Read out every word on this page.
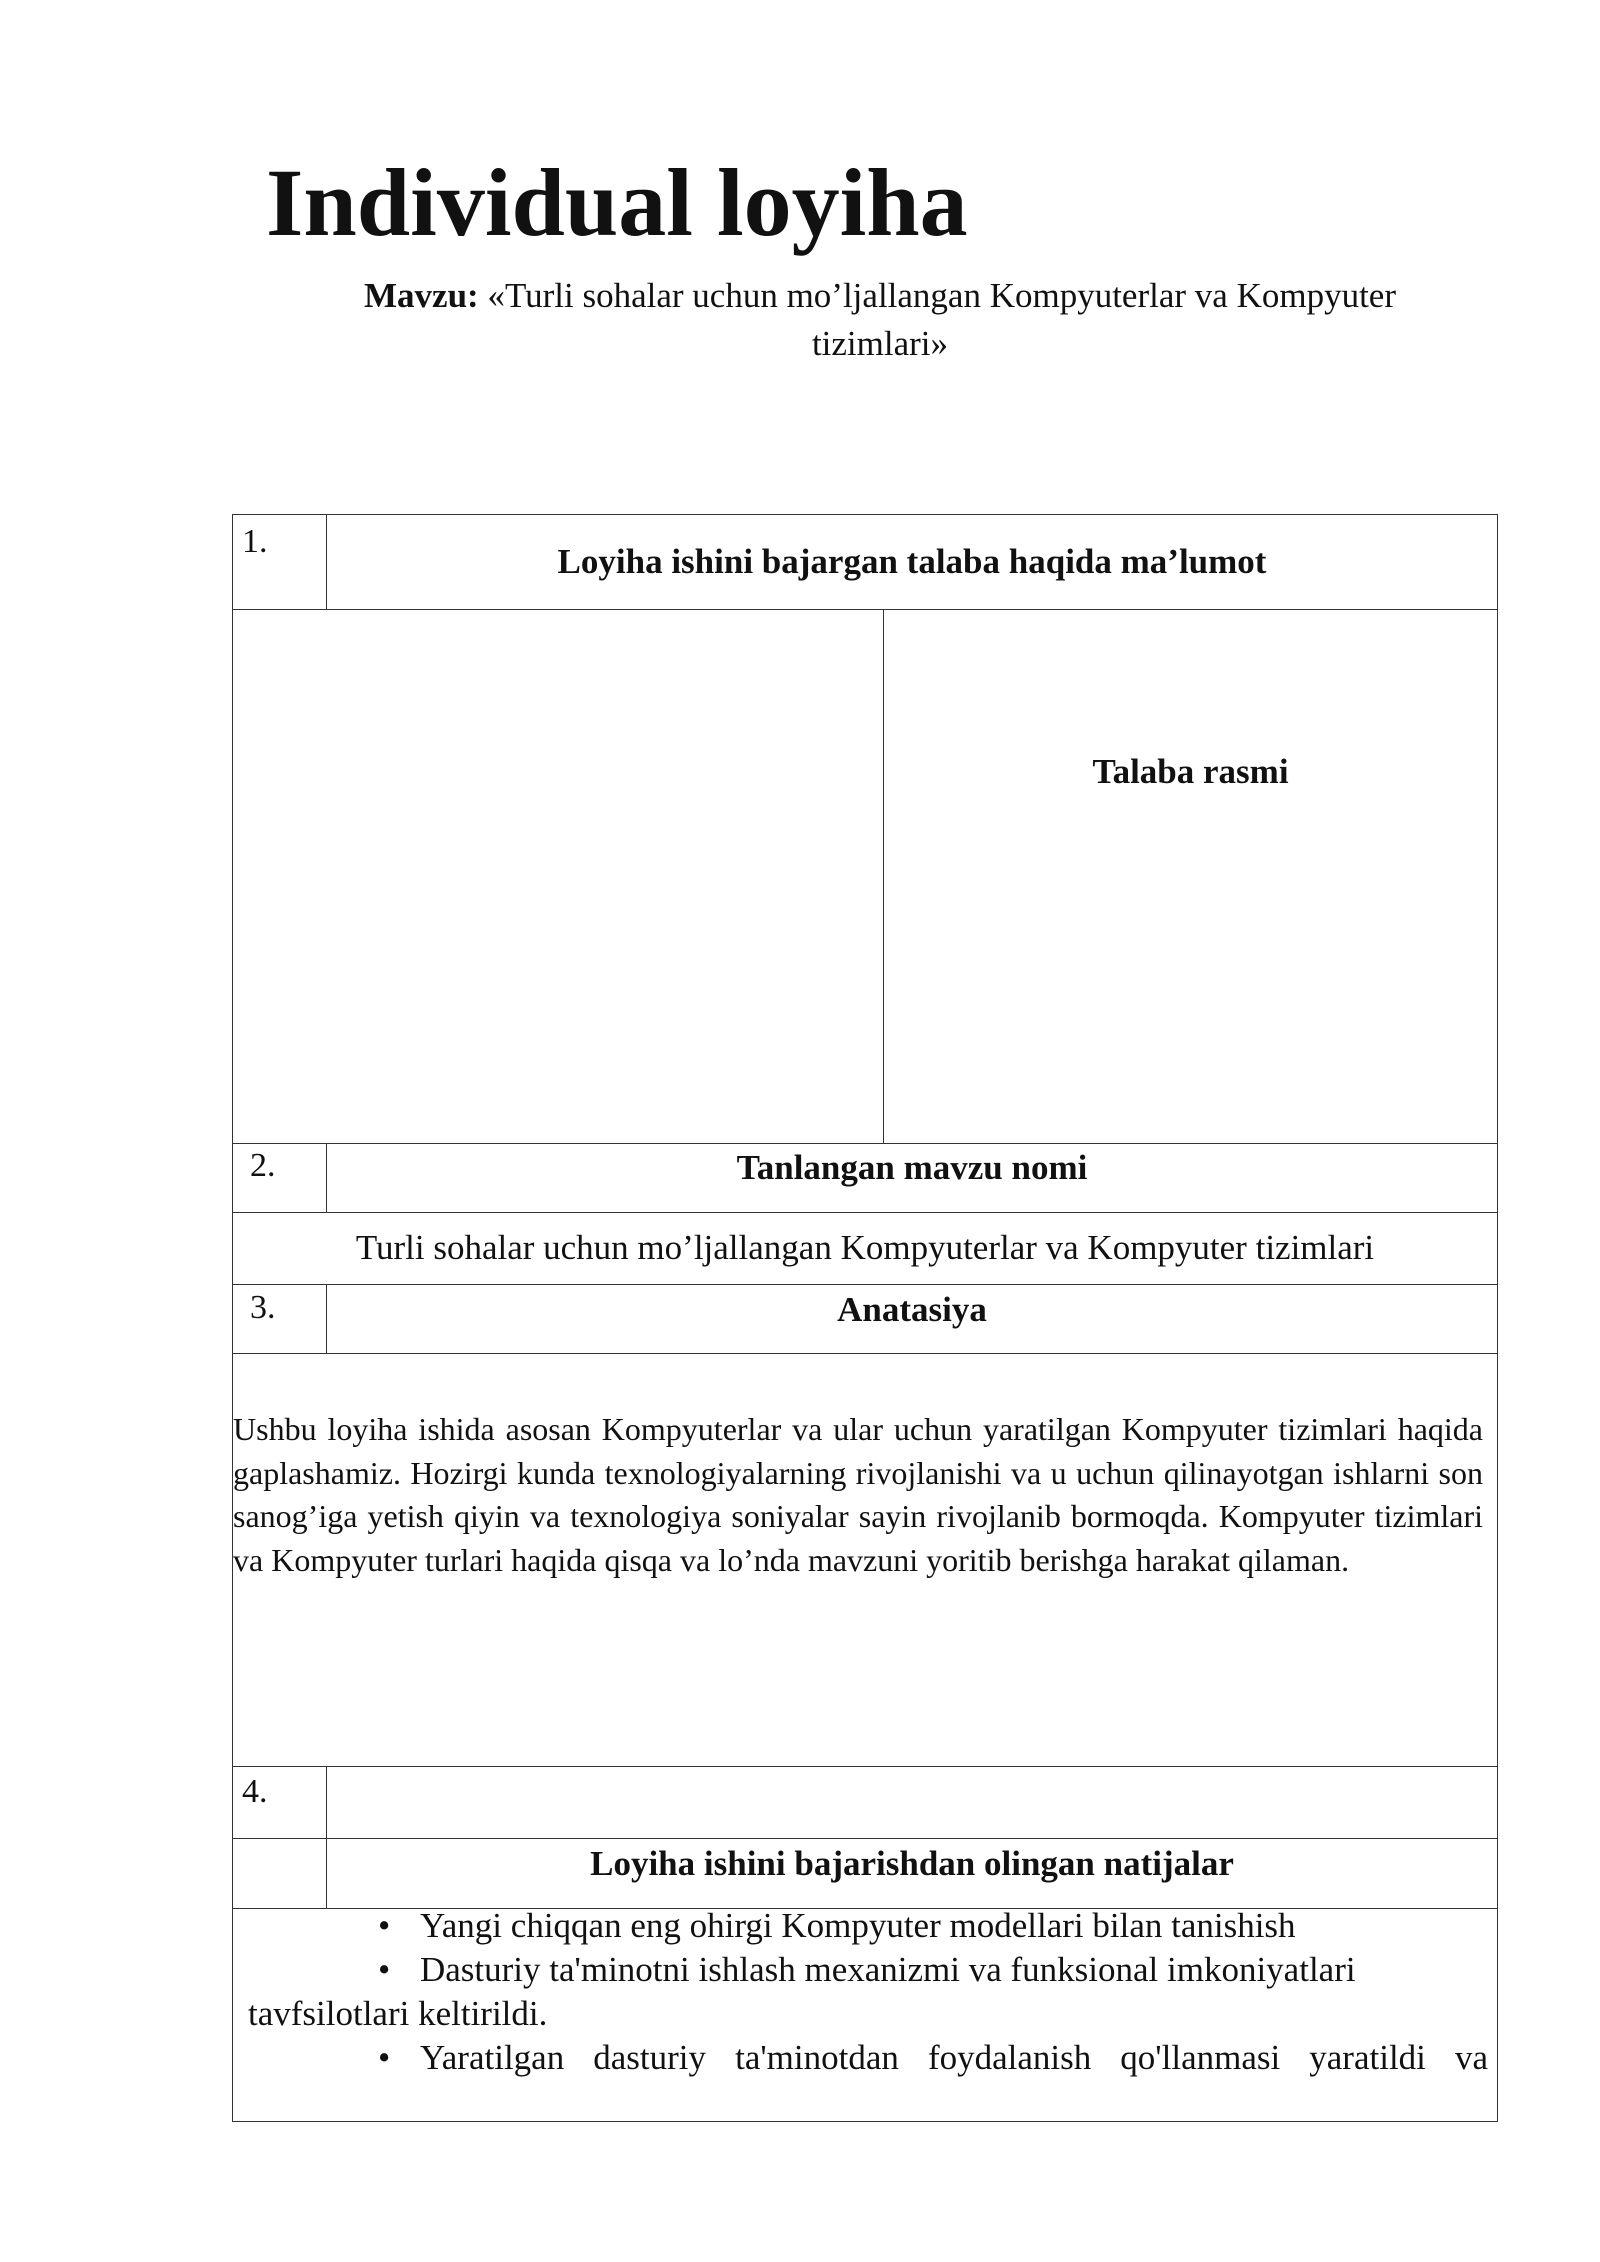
Individual loyiha
Mavzu: «Turli sohalar uchun mo’ljallangan Kompyuterlar va Kompyuter
tizimlari»
1.
Loyiha ishini bajargan talaba haqida ma’lumot
Talaba rasmi
2.	Tanlangan mavzu nomi
Turli sohalar uchun mo’ljallangan Kompyuterlar va Kompyuter tizimlari
3.	Anatasiya

Ushbu loyiha ishida asosan Kompyuterlar va ular uchun yaratilgan Kompyuter tizimlari haqida gaplashamiz. Hozirgi kunda texnologiyalarning rivojlanishi va u uchun qilinayotgan ishlarni son sanog’iga yetish qiyin va texnologiya soniyalar sayin rivojlanib bormoqda. Kompyuter tizimlari va Kompyuter turlari haqida qisqa va lo’nda mavzuni yoritib berishga harakat qilaman.

4.
Loyiha ishini bajarishdan olingan natijalar
• Yangi chiqqan eng ohirgi Kompyuter modellari bilan tanishish
• Dasturiy ta'minotni ishlash mexanizmi va funksional imkoniyatlari
tavfsilotlari keltirildi.
• Yaratilgan dasturiy ta'minotdan foydalanish qo'llanmasi yaratildi va
